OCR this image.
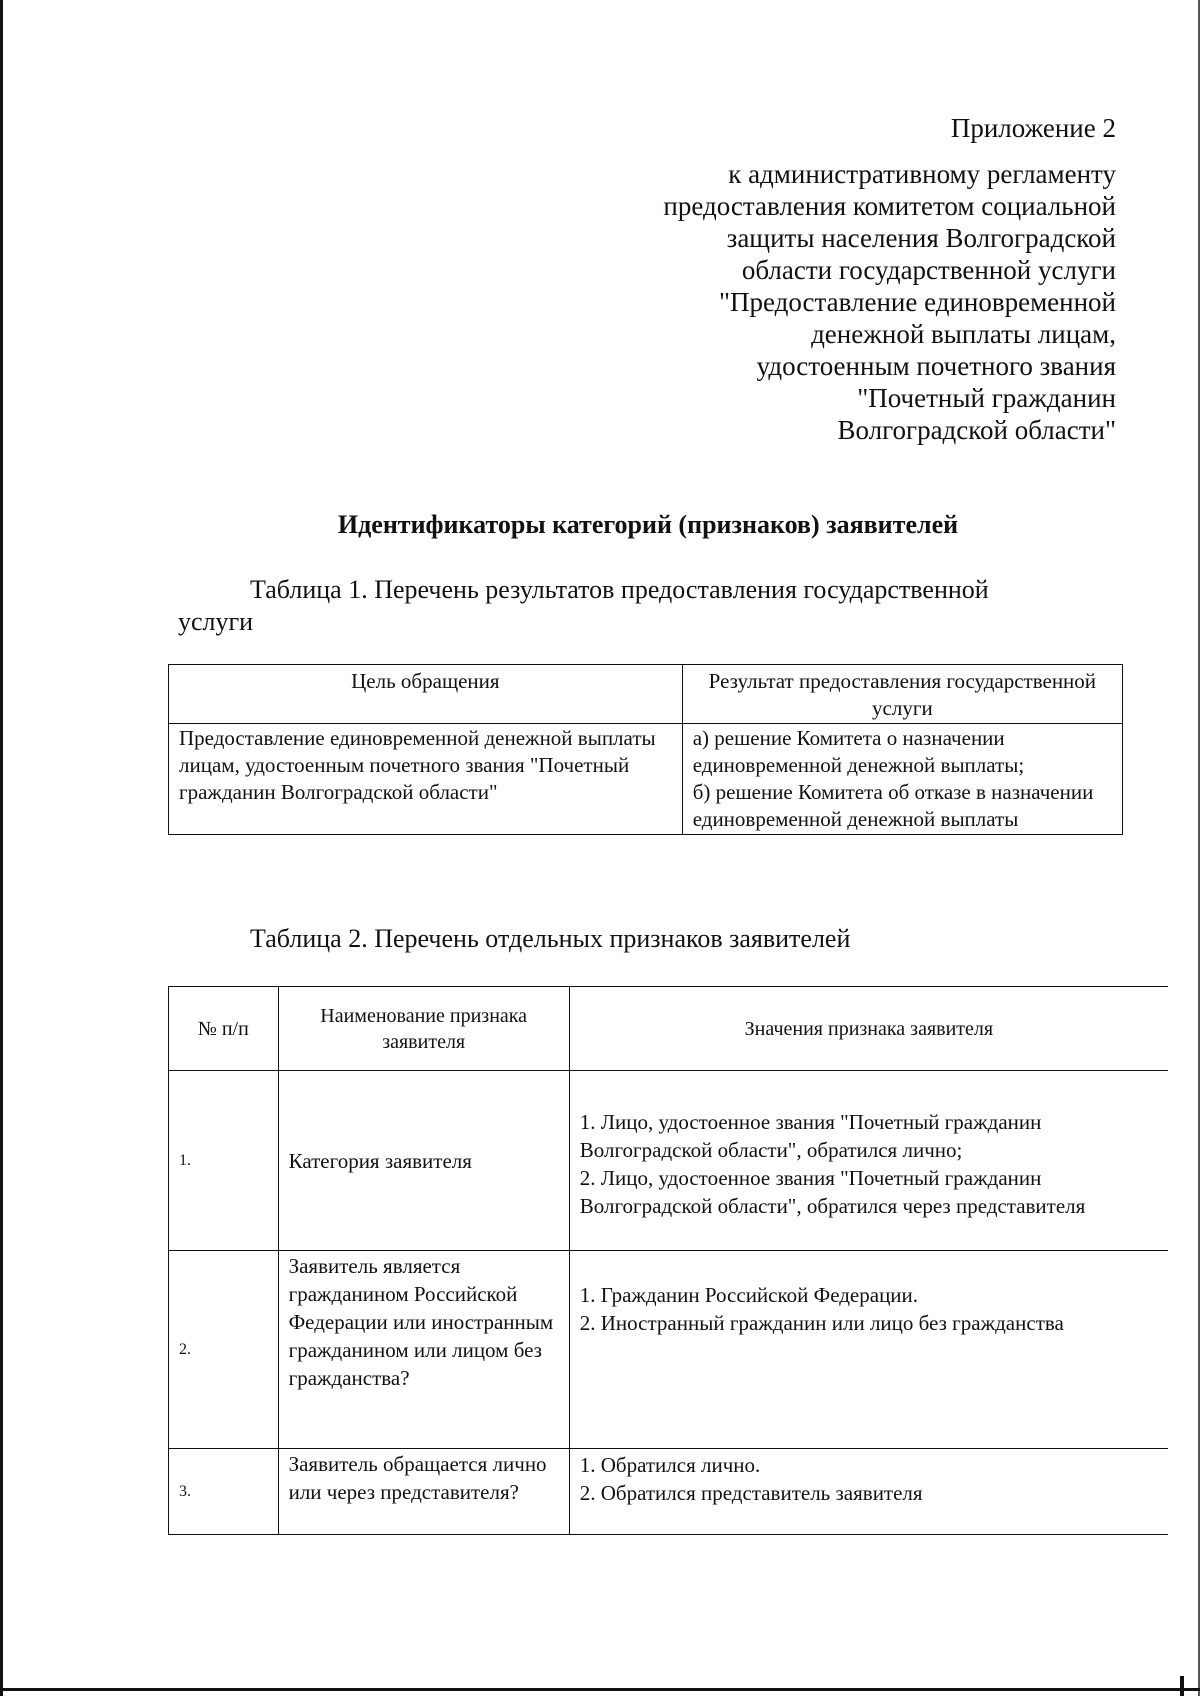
Приложение 2
к административному регламенту
предоставления комитетом социальной
защиты населения Волгоградской
области государственной услуги
"Предоставление единовременной
денежной выплаты лицам,
удостоенным почетного звания
"Почетный гражданин
Волгоградской области"
Идентификаторы категорий (признаков) заявителей
Таблица 1. Перечень результатов предоставления государственной
услуги
Цель обращения	Результат предоставления государственной услуги
Предоставление единовременной денежной выплаты лицам, удостоенным почетного звания "Почетный гражданин Волгоградской области"	а) решение Комитета о назначении единовременной денежной выплаты;
б) решение Комитета об отказе в назначении единовременной денежной выплаты
Таблица 2. Перечень отдельных признаков заявителей
№ п/п	Наименование признака заявителя	Значения признака заявителя
1.	Категория заявителя	1. Лицо, удостоенное звания "Почетный гражданин Волгоградской области", обратился лично;
2. Лицо, удостоенное звания "Почетный гражданин Волгоградской области", обратился через представителя

2.	Заявитель является гражданином Российской Федерации или иностранным гражданином или лицом без гражданства?	1. Гражданин Российской Федерации.
2. Иностранный гражданин или лицо без гражданства

3.	Заявитель обращается лично или через представителя?	1. Обратился лично.
2. Обратился представитель заявителя
